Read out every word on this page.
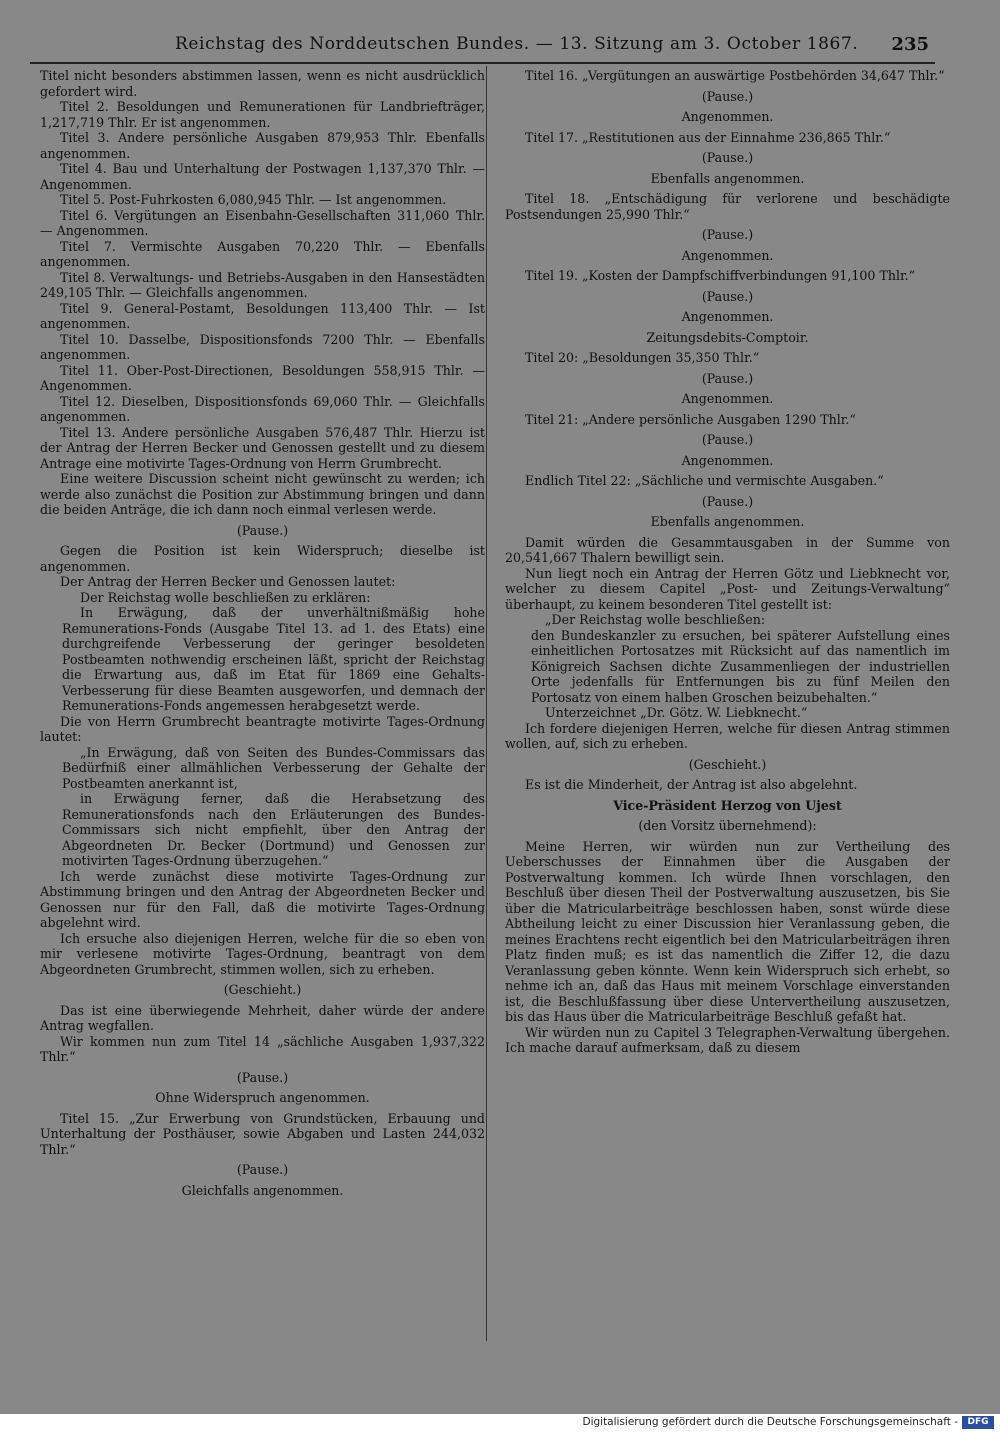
Reichstag des Norddeutschen Bundes. — 13. Sitzung am 3. October 1867. 235

Titel nicht besonders abstimmen lassen, wenn es nicht ausdrücklich gefordert wird.

Titel 2. Besoldungen und Remunerationen für Landbriefträger, 1,217,719 Thlr. Er ist angenommen.

Titel 3. Andere persönliche Ausgaben 879,953 Thlr. Ebenfalls angenommen.

Titel 4. Bau und Unterhaltung der Postwagen 1,137,370 Thlr. — Angenommen.

Titel 5. Post-Fuhrkosten 6,080,945 Thlr. — Ist angenommen.

Titel 6. Vergütungen an Eisenbahn-Gesellschaften 311,060 Thlr. — Angenommen.

Titel 7. Vermischte Ausgaben 70,220 Thlr. — Ebenfalls angenommen.

Titel 8. Verwaltungs- und Betriebs-Ausgaben in den Hansestädten 249,105 Thlr. — Gleichfalls angenommen.

Titel 9. General-Postamt, Besoldungen 113,400 Thlr. — Ist angenommen.

Titel 10. Dasselbe, Dispositionsfonds 7200 Thlr. — Ebenfalls angenommen.

Titel 11. Ober-Post-Directionen, Besoldungen 558,915 Thlr. — Angenommen.

Titel 12. Dieselben, Dispositionsfonds 69,060 Thlr. — Gleichfalls angenommen.

Titel 13. Andere persönliche Ausgaben 576,487 Thlr. Hierzu ist der Antrag der Herren Becker und Genossen gestellt und zu diesem Antrage eine motivirte Tages-Ordnung von Herrn Grumbrecht.

Eine weitere Discussion scheint nicht gewünscht zu werden; ich werde also zunächst die Position zur Abstimmung bringen und dann die beiden Anträge, die ich dann noch einmal verlesen werde.

(Pause.)

Gegen die Position ist kein Widerspruch; dieselbe ist angenommen.

Der Antrag der Herren Becker und Genossen lautet:

Der Reichstag wolle beschließen zu erklären:

In Erwägung, daß der unverhältnißmäßig hohe Remunerations-Fonds (Ausgabe Titel 13. ad 1. des Etats) eine durchgreifende Verbesserung der geringer besoldeten Postbeamten nothwendig erscheinen läßt, spricht der Reichstag die Erwartung aus, daß im Etat für 1869 eine Gehalts-Verbesserung für diese Beamten ausgeworfen, und demnach der Remunerations-Fonds angemessen herabgesetzt werde.

Die von Herrn Grumbrecht beantragte motivirte Tages-Ordnung lautet:

„In Erwägung, daß von Seiten des Bundes-Commissars das Bedürfniß einer allmählichen Verbesserung der Gehalte der Postbeamten anerkannt ist,

in Erwägung ferner, daß die Herabsetzung des Remunerationsfonds nach den Erläuterungen des Bundes-Commissars sich nicht empfiehlt, über den Antrag der Abgeordneten Dr. Becker (Dortmund) und Genossen zur motivirten Tages-Ordnung überzugehen.“

Ich werde zunächst diese motivirte Tages-Ordnung zur Abstimmung bringen und den Antrag der Abgeordneten Becker und Genossen nur für den Fall, daß die motivirte Tages-Ordnung abgelehnt wird.

Ich ersuche also diejenigen Herren, welche für die so eben von mir verlesene motivirte Tages-Ordnung, beantragt von dem Abgeordneten Grumbrecht, stimmen wollen, sich zu erheben.

(Geschieht.)

Das ist eine überwiegende Mehrheit, daher würde der andere Antrag wegfallen.

Wir kommen nun zum Titel 14 „sächliche Ausgaben 1,937,322 Thlr.“

(Pause.)

Ohne Widerspruch angenommen.

Titel 15. „Zur Erwerbung von Grundstücken, Erbauung und Unterhaltung der Posthäuser, sowie Abgaben und Lasten 244,032 Thlr.“

(Pause.)

Gleichfalls angenommen.

Titel 16. „Vergütungen an auswärtige Postbehörden 34,647 Thlr.“

(Pause.)

Angenommen.

Titel 17. „Restitutionen aus der Einnahme 236,865 Thlr.“

(Pause.)

Ebenfalls angenommen.

Titel 18. „Entschädigung für verlorene und beschädigte Postsendungen 25,990 Thlr.“

(Pause.)

Angenommen.

Titel 19. „Kosten der Dampfschiffverbindungen 91,100 Thlr.“

(Pause.)

Angenommen.

Zeitungsdebits-Comptoir.

Titel 20: „Besoldungen 35,350 Thlr.“

(Pause.)

Angenommen.

Titel 21: „Andere persönliche Ausgaben 1290 Thlr.“

(Pause.)

Angenommen.

Endlich Titel 22: „Sächliche und vermischte Ausgaben.“

(Pause.)

Ebenfalls angenommen.

Damit würden die Gesammtausgaben in der Summe von 20,541,667 Thalern bewilligt sein.

Nun liegt noch ein Antrag der Herren Götz und Liebknecht vor, welcher zu diesem Capitel „Post- und Zeitungs-Verwaltung“ überhaupt, zu keinem besonderen Titel gestellt ist:

„Der Reichstag wolle beschließen:

den Bundeskanzler zu ersuchen, bei späterer Aufstellung eines einheitlichen Portosatzes mit Rücksicht auf das namentlich im Königreich Sachsen dichte Zusammenliegen der industriellen Orte jedenfalls für Entfernungen bis zu fünf Meilen den Portosatz von einem halben Groschen beizubehalten.“

Unterzeichnet „Dr. Götz. W. Liebknecht.“

Ich fordere diejenigen Herren, welche für diesen Antrag stimmen wollen, auf, sich zu erheben.

(Geschieht.)

Es ist die Minderheit, der Antrag ist also abgelehnt.

Vice-Präsident Herzog von Ujest

(den Vorsitz übernehmend):

Meine Herren, wir würden nun zur Vertheilung des Ueberschusses der Einnahmen über die Ausgaben der Postverwaltung kommen. Ich würde Ihnen vorschlagen, den Beschluß über diesen Theil der Postverwaltung auszusetzen, bis Sie über die Matricularbeiträge beschlossen haben, sonst würde diese Abtheilung leicht zu einer Discussion hier Veranlassung geben, die meines Erachtens recht eigentlich bei den Matricularbeiträgen ihren Platz finden muß; es ist das namentlich die Ziffer 12, die dazu Veranlassung geben könnte. Wenn kein Widerspruch sich erhebt, so nehme ich an, daß das Haus mit meinem Vorschlage einverstanden ist, die Beschlußfassung über diese Untervertheilung auszusetzen, bis das Haus über die Matricularbeiträge Beschluß gefaßt hat.

Wir würden nun zu Capitel 3 Telegraphen-Verwaltung übergehen. Ich mache darauf aufmerksam, daß zu diesem

Digitalisierung gefördert durch die Deutsche Forschungsgemeinschaft -	DFG
